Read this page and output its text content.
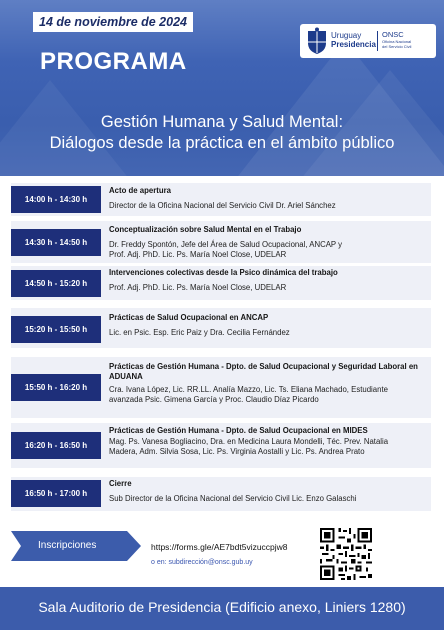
14 de noviembre de 2024
PROGRAMA
Uruguay
Presidencia
ONSC
Oficina Nacional
del Servicio Civil
Gestión Humana y Salud Mental:
Diálogos desde la práctica en el ámbito público
14:00 h - 14:30 h
Acto de apertura
Director de la Oficina Nacional del Servicio Civil Dr. Ariel Sánchez
14:30 h - 14:50 h
Conceptualización sobre Salud Mental en el Trabajo
Dr. Freddy Spontón, Jefe del Área de Salud Ocupacional, ANCAP y
Prof. Adj. PhD. Lic. Ps. María Noel Close, UDELAR
14:50 h - 15:20 h
Intervenciones colectivas desde la Psico dinámica del trabajo
Prof. Adj. PhD. Lic. Ps. María Noel Close, UDELAR
15:20 h - 15:50 h
Prácticas de Salud Ocupacional en ANCAP
Lic. en Psic. Esp. Eric Paiz y Dra. Cecilia Fernández
15:50 h - 16:20 h
Prácticas de Gestión Humana - Dpto. de Salud Ocupacional y Seguridad Laboral en ADUANA
Cra. Ivana López, Lic. RR.LL. Analía Mazzo, Lic. Ts. Eliana Machado, Estudiante
avanzada Psic. Gimena García y Proc. Claudio Díaz Picardo
16:20 h - 16:50 h
Prácticas de Gestión Humana - Dpto. de Salud Ocupacional en MIDES
Mag. Ps. Vanesa Bogliacino, Dra. en Medicina Laura Mondelli, Téc. Prev. Natalia
Madera, Adm. Silvia Sosa, Lic. Ps. Virginia Aostalli y Lic. Ps. Andrea Prato
16:50 h - 17:00 h
Cierre
Sub Director de la Oficina Nacional del Servicio Civil Lic. Enzo Galaschi
Inscripciones	https://forms.gle/AE7bdt5vizuccpjw8
o en: subdirección@onsc.gub.uy
Sala Auditorio de Presidencia (Edificio anexo, Liniers 1280)
